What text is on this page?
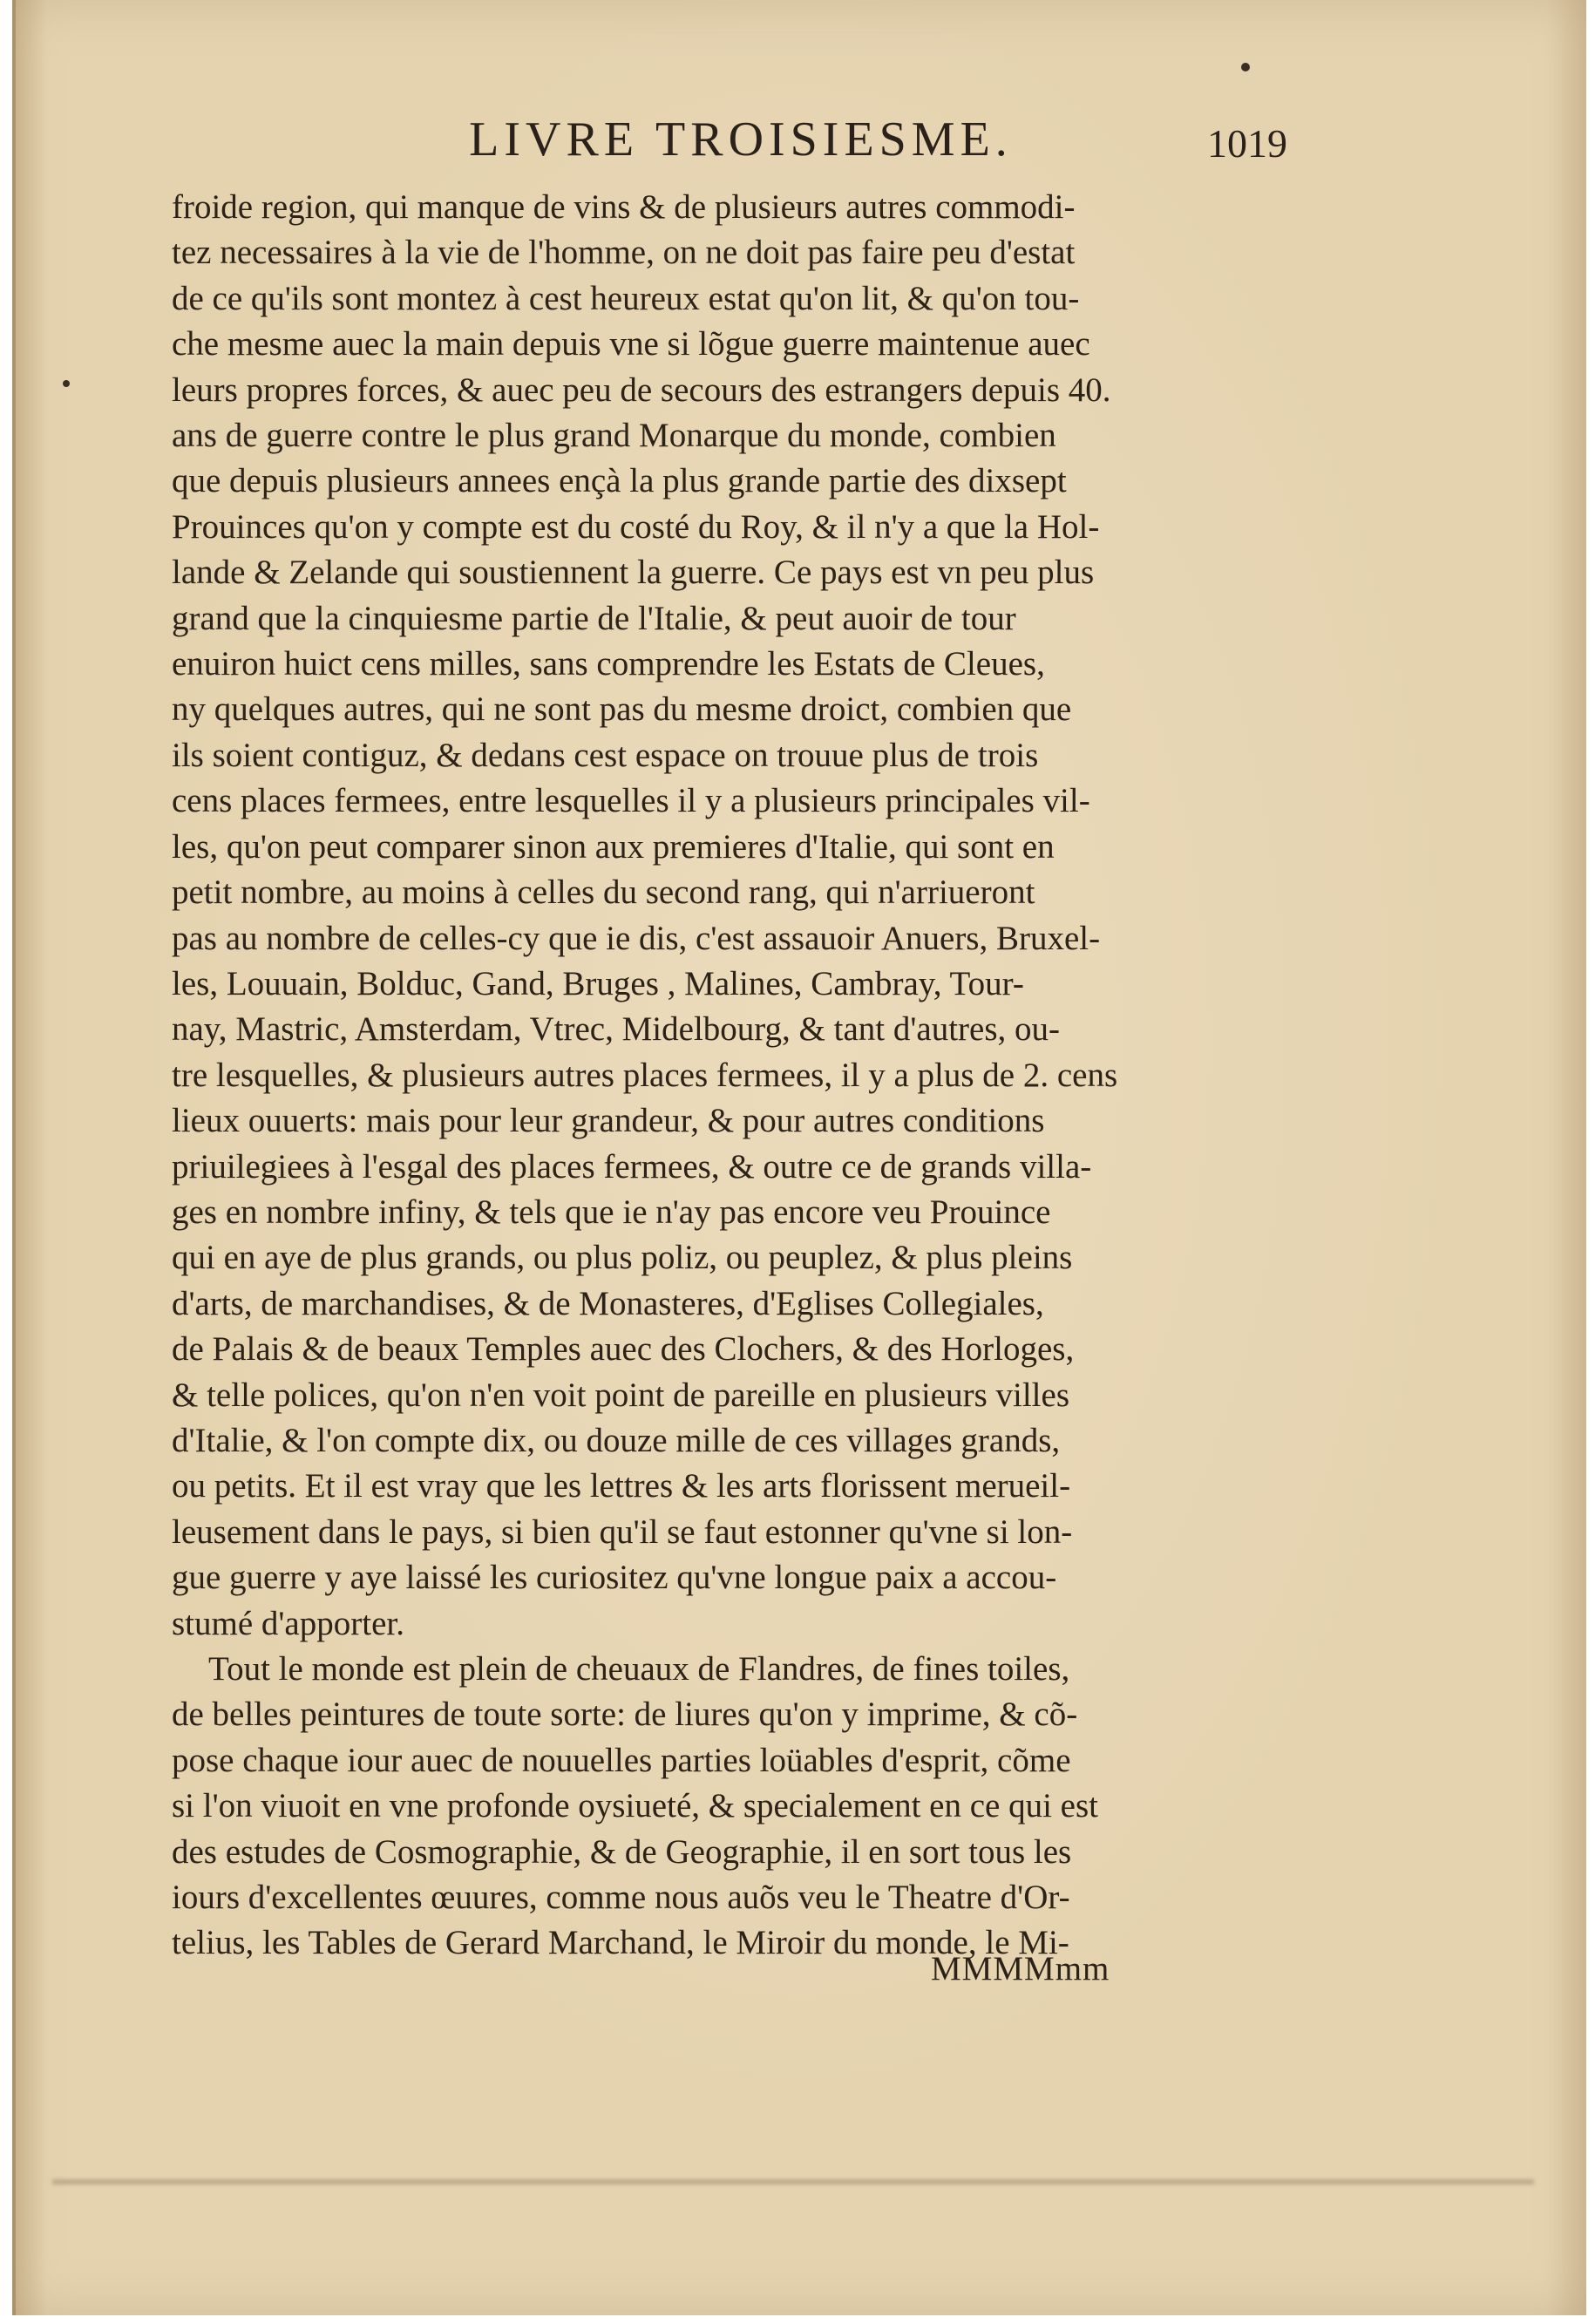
LIVRE TROISIESME.	1019
froide region, qui manque de vins & de plusieurs autres commodi-
tez necessaires à la vie de l'homme, on ne doit pas faire peu d'estat
de ce qu'ils sont montez à cest heureux estat qu'on lit, & qu'on tou-
che mesme auec la main depuis vne si lõgue guerre maintenue auec
leurs propres forces, & auec peu de secours des estrangers depuis 40.
ans de guerre contre le plus grand Monarque du monde, combien
que depuis plusieurs annees ençà la plus grande partie des dixsept
Prouinces qu'on y compte est du costé du Roy, & il n'y a que la Hol-
lande & Zelande qui soustiennent la guerre. Ce pays est vn peu plus
grand que la cinquiesme partie de l'Italie, & peut auoir de tour
enuiron huict cens milles, sans comprendre les Estats de Cleues,
ny quelques autres, qui ne sont pas du mesme droict, combien que
ils soient contiguz, & dedans cest espace on trouue plus de trois
cens places fermees, entre lesquelles il y a plusieurs principales vil-
les, qu'on peut comparer sinon aux premieres d'Italie, qui sont en
petit nombre, au moins à celles du second rang, qui n'arriueront
pas au nombre de celles-cy que ie dis, c'est assauoir Anuers, Bruxel-
les, Louuain, Bolduc, Gand, Bruges , Malines, Cambray, Tour-
nay, Mastric, Amsterdam, Vtrec, Midelbourg, & tant d'autres, ou-
tre lesquelles, & plusieurs autres places fermees, il y a plus de 2. cens
lieux ouuerts: mais pour leur grandeur, & pour autres conditions
priuilegiees à l'esgal des places fermees, & outre ce de grands villa-
ges en nombre infiny, & tels que ie n'ay pas encore veu Prouince
qui en aye de plus grands, ou plus poliz, ou peuplez, & plus pleins
d'arts, de marchandises, & de Monasteres, d'Eglises Collegiales,
de Palais & de beaux Temples auec des Clochers, & des Horloges,
& telle polices, qu'on n'en voit point de pareille en plusieurs villes
d'Italie, & l'on compte dix, ou douze mille de ces villages grands,
ou petits. Et il est vray que les lettres & les arts florissent merueil-
leusement dans le pays, si bien qu'il se faut estonner qu'vne si lon-
gue guerre y aye laissé les curiositez qu'vne longue paix a accou-
stumé d'apporter.
Tout le monde est plein de cheuaux de Flandres, de fines toiles,
de belles peintures de toute sorte: de liures qu'on y imprime, & cõ-
pose chaque iour auec de nouuelles parties loüables d'esprit, cõme
si l'on viuoit en vne profonde oysiueté, & specialement en ce qui est
des estudes de Cosmographie, & de Geographie, il en sort tous les
iours d'excellentes œuures, comme nous auõs veu le Theatre d'Or-
telius, les Tables de Gerard Marchand, le Miroir du monde, le Mi-
MMMMmm
